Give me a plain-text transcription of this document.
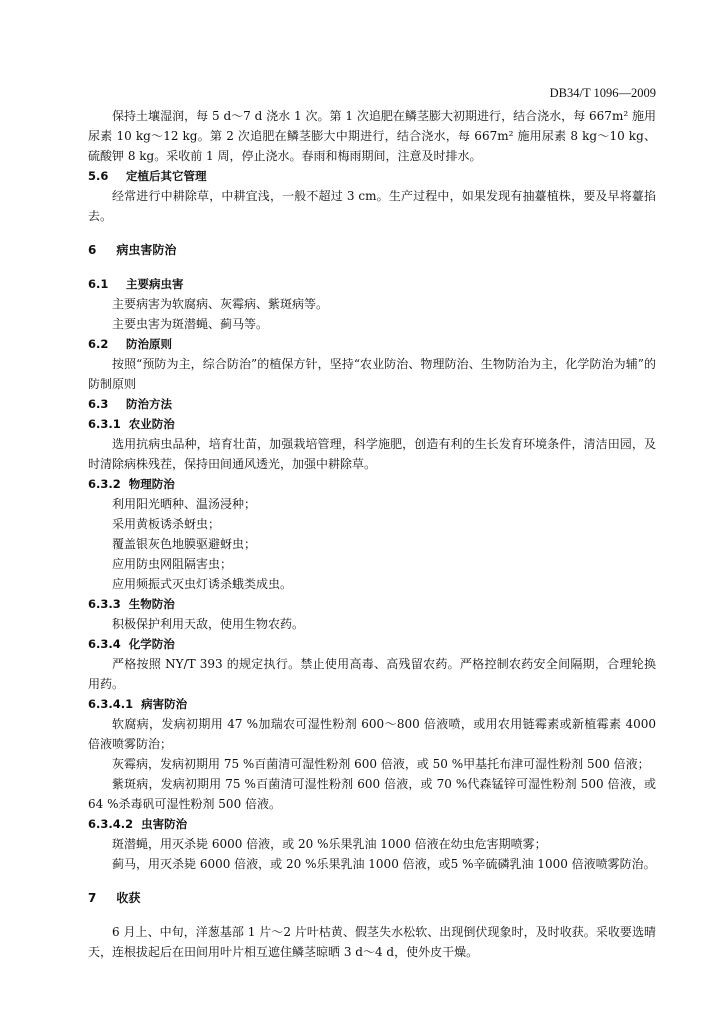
DB34/T 1096—2009

保持土壤湿润，每 5 d～7 d 浇水 1 次。第 1 次追肥在鳞茎膨大初期进行，结合浇水，每 667m² 施用尿素 10 kg～12 kg。第 2 次追肥在鳞茎膨大中期进行，结合浇水，每 667m² 施用尿素 8 kg～10 kg、硫酸钾 8 kg。采收前 1 周，停止浇水。春雨和梅雨期间，注意及时排水。

5.6 定植后其它管理

经常进行中耕除草，中耕宜浅，一般不超过 3 cm。生产过程中，如果发现有抽薹植株，要及早将薹掐去。

6 病虫害防治
6.1 主要病虫害

主要病害为软腐病、灰霉病、紫斑病等。

主要虫害为斑潜蝇、蓟马等。

6.2 防治原则

按照“预防为主，综合防治”的植保方针，坚持“农业防治、物理防治、生物防治为主，化学防治为辅”的防制原则

6.3 防治方法
6.3.1 农业防治

选用抗病虫品种，培育壮苗，加强栽培管理，科学施肥，创造有利的生长发育环境条件，清洁田园，及时清除病株残茬，保持田间通风透光，加强中耕除草。

6.3.2 物理防治

利用阳光晒种、温汤浸种；

采用黄板诱杀蚜虫；

覆盖银灰色地膜驱避蚜虫；

应用防虫网阻隔害虫；

应用频振式灭虫灯诱杀蛾类成虫。

6.3.3 生物防治

积极保护利用天敌，使用生物农药。

6.3.4 化学防治

严格按照 NY/T 393 的规定执行。禁止使用高毒、高残留农药。严格控制农药安全间隔期，合理轮换用药。

6.3.4.1 病害防治

软腐病，发病初期用 47 %加瑞农可湿性粉剂 600～800 倍液喷，或用农用链霉素或新植霉素 4000 倍液喷雾防治；

灰霉病，发病初期用 75 %百菌清可湿性粉剂 600 倍液，或 50 %甲基托布津可湿性粉剂 500 倍液；

紫斑病，发病初期用 75 %百菌清可湿性粉剂 600 倍液，或 70 %代森锰锌可湿性粉剂 500 倍液，或 64 %杀毒矾可湿性粉剂 500 倍液。

6.3.4.2 虫害防治

斑潜蝇，用灭杀毙 6000 倍液，或 20 %乐果乳油 1000 倍液在幼虫危害期喷雾；

蓟马，用灭杀毙 6000 倍液，或 20 %乐果乳油 1000 倍液，或5 %辛硫磷乳油 1000 倍液喷雾防治。

7 收获

6 月上、中旬，洋葱基部 1 片～2 片叶枯黄、假茎失水松软、出现倒伏现象时，及时收获。采收要选晴天，连根拔起后在田间用叶片相互遮住鳞茎晾晒 3 d～4 d，使外皮干燥。
